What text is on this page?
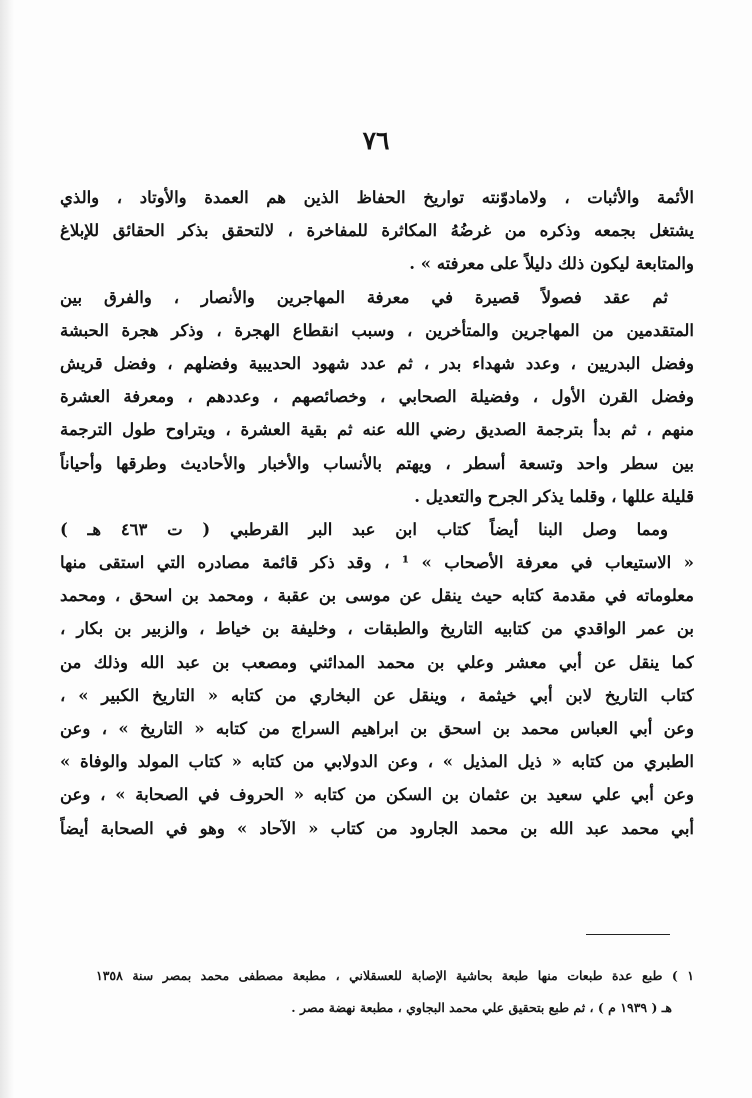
٧٦
الأئمة والأثبات ، ولامادوّنته تواريخ الحفاظ الذين هم العمدة والأوتاد ، والذي
يشتغل بجمعه وذكره من غرضُهُ المكاثرة للمفاخرة ، لالتحقق بذكر الحقائق للإبلاغ
والمتابعة ليكون ذلك دليلاً على معرفته » .
ثم عقد فصولاً قصيرة في معرفة المهاجرين والأنصار ، والفرق بين
المتقدمين من المهاجرين والمتأخرين ، وسبب انقطاع الهجرة ، وذكر هجرة الحبشة
وفضل البدريين ، وعدد شهداء بدر ، ثم عدد شهود الحديبية وفضلهم ، وفضل قريش
وفضل القرن الأول ، وفضيلة الصحابي ، وخصائصهم ، وعددهم ، ومعرفة العشرة
منهم ، ثم بدأ بترجمة الصديق رضي الله عنه ثم بقية العشرة ، ويتراوح طول الترجمة
بين سطر واحد وتسعة أسطر ، ويهتم بالأنساب والأخبار والأحاديث وطرقها وأحياناً
قليلة عللها ، وقلما يذكر الجرح والتعديل .
ومما وصل البنا أيضاً كتاب ابن عبد البر القرطبي ( ت ٤٦٣ هـ )
« الاستيعاب في معرفة الأصحاب » ¹ ، وقد ذكر قائمة مصادره التي استقى منها
معلوماته في مقدمة كتابه حيث ينقل عن موسى بن عقبة ، ومحمد بن اسحق ، ومحمد
بن عمر الواقدي من كتابيه التاريخ والطبقات ، وخليفة بن خياط ، والزبير بن بكار ،
كما ينقل عن أبي معشر وعلي بن محمد المدائني ومصعب بن عبد الله وذلك من
كتاب التاريخ لابن أبي خيثمة ، وينقل عن البخاري من كتابه « التاريخ الكبير » ،
وعن أبي العباس محمد بن اسحق بن ابراهيم السراج من كتابه « التاريخ » ، وعن
الطبري من كتابه « ذيل المذيل » ، وعن الدولابي من كتابه « كتاب المولد والوفاة »
وعن أبي علي سعيد بن عثمان بن السكن من كتابه « الحروف في الصحابة » ، وعن
أبي محمد عبد الله بن محمد الجارود من كتاب « الآحاد » وهو في الصحابة أيضاً
١ ) طبع عدة طبعات منها طبعة بحاشية الإصابة للعسقلاني ، مطبعة مصطفى محمد بمصر سنة ١٣٥٨
هـ ( ١٩٣٩ م ) ، ثم طبع بتحقيق علي محمد البجاوي ، مطبعة نهضة مصر .
